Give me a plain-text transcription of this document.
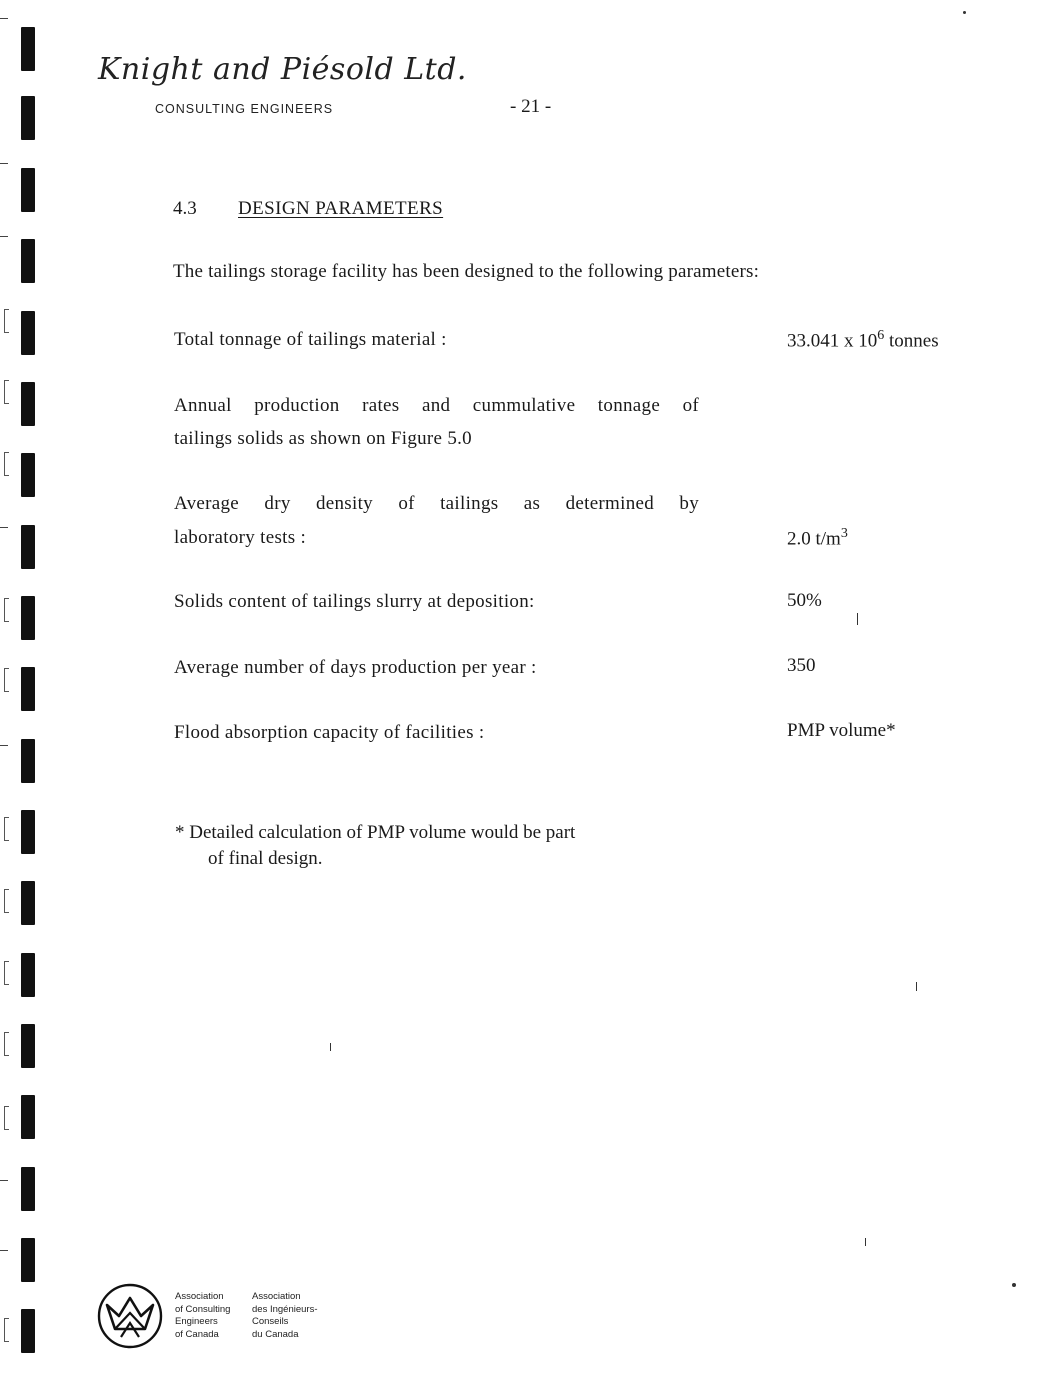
Knight and Piésold Ltd.
CONSULTING ENGINEERS	- 21 -
4.3 DESIGN PARAMETERS
The tailings storage facility has been designed to the following parameters:
Total tonnage of tailings material :	33.041 x $10^6$ tonnes
Annual production rates and cummulative tonnage of
tailings solids as shown on Figure 5.0
Average dry density of tailings as determined by
laboratory tests :	2.0 $t/m^3$
Solids content of tailings slurry at deposition:	50%
Average number of days production per year :	350
Flood absorption capacity of facilities :	PMP volume*
* Detailed calculation of PMP volume would be part
of final design.
Association
of Consulting
Engineers
of Canada
Association
des Ingénieurs-
Conseils
du Canada
